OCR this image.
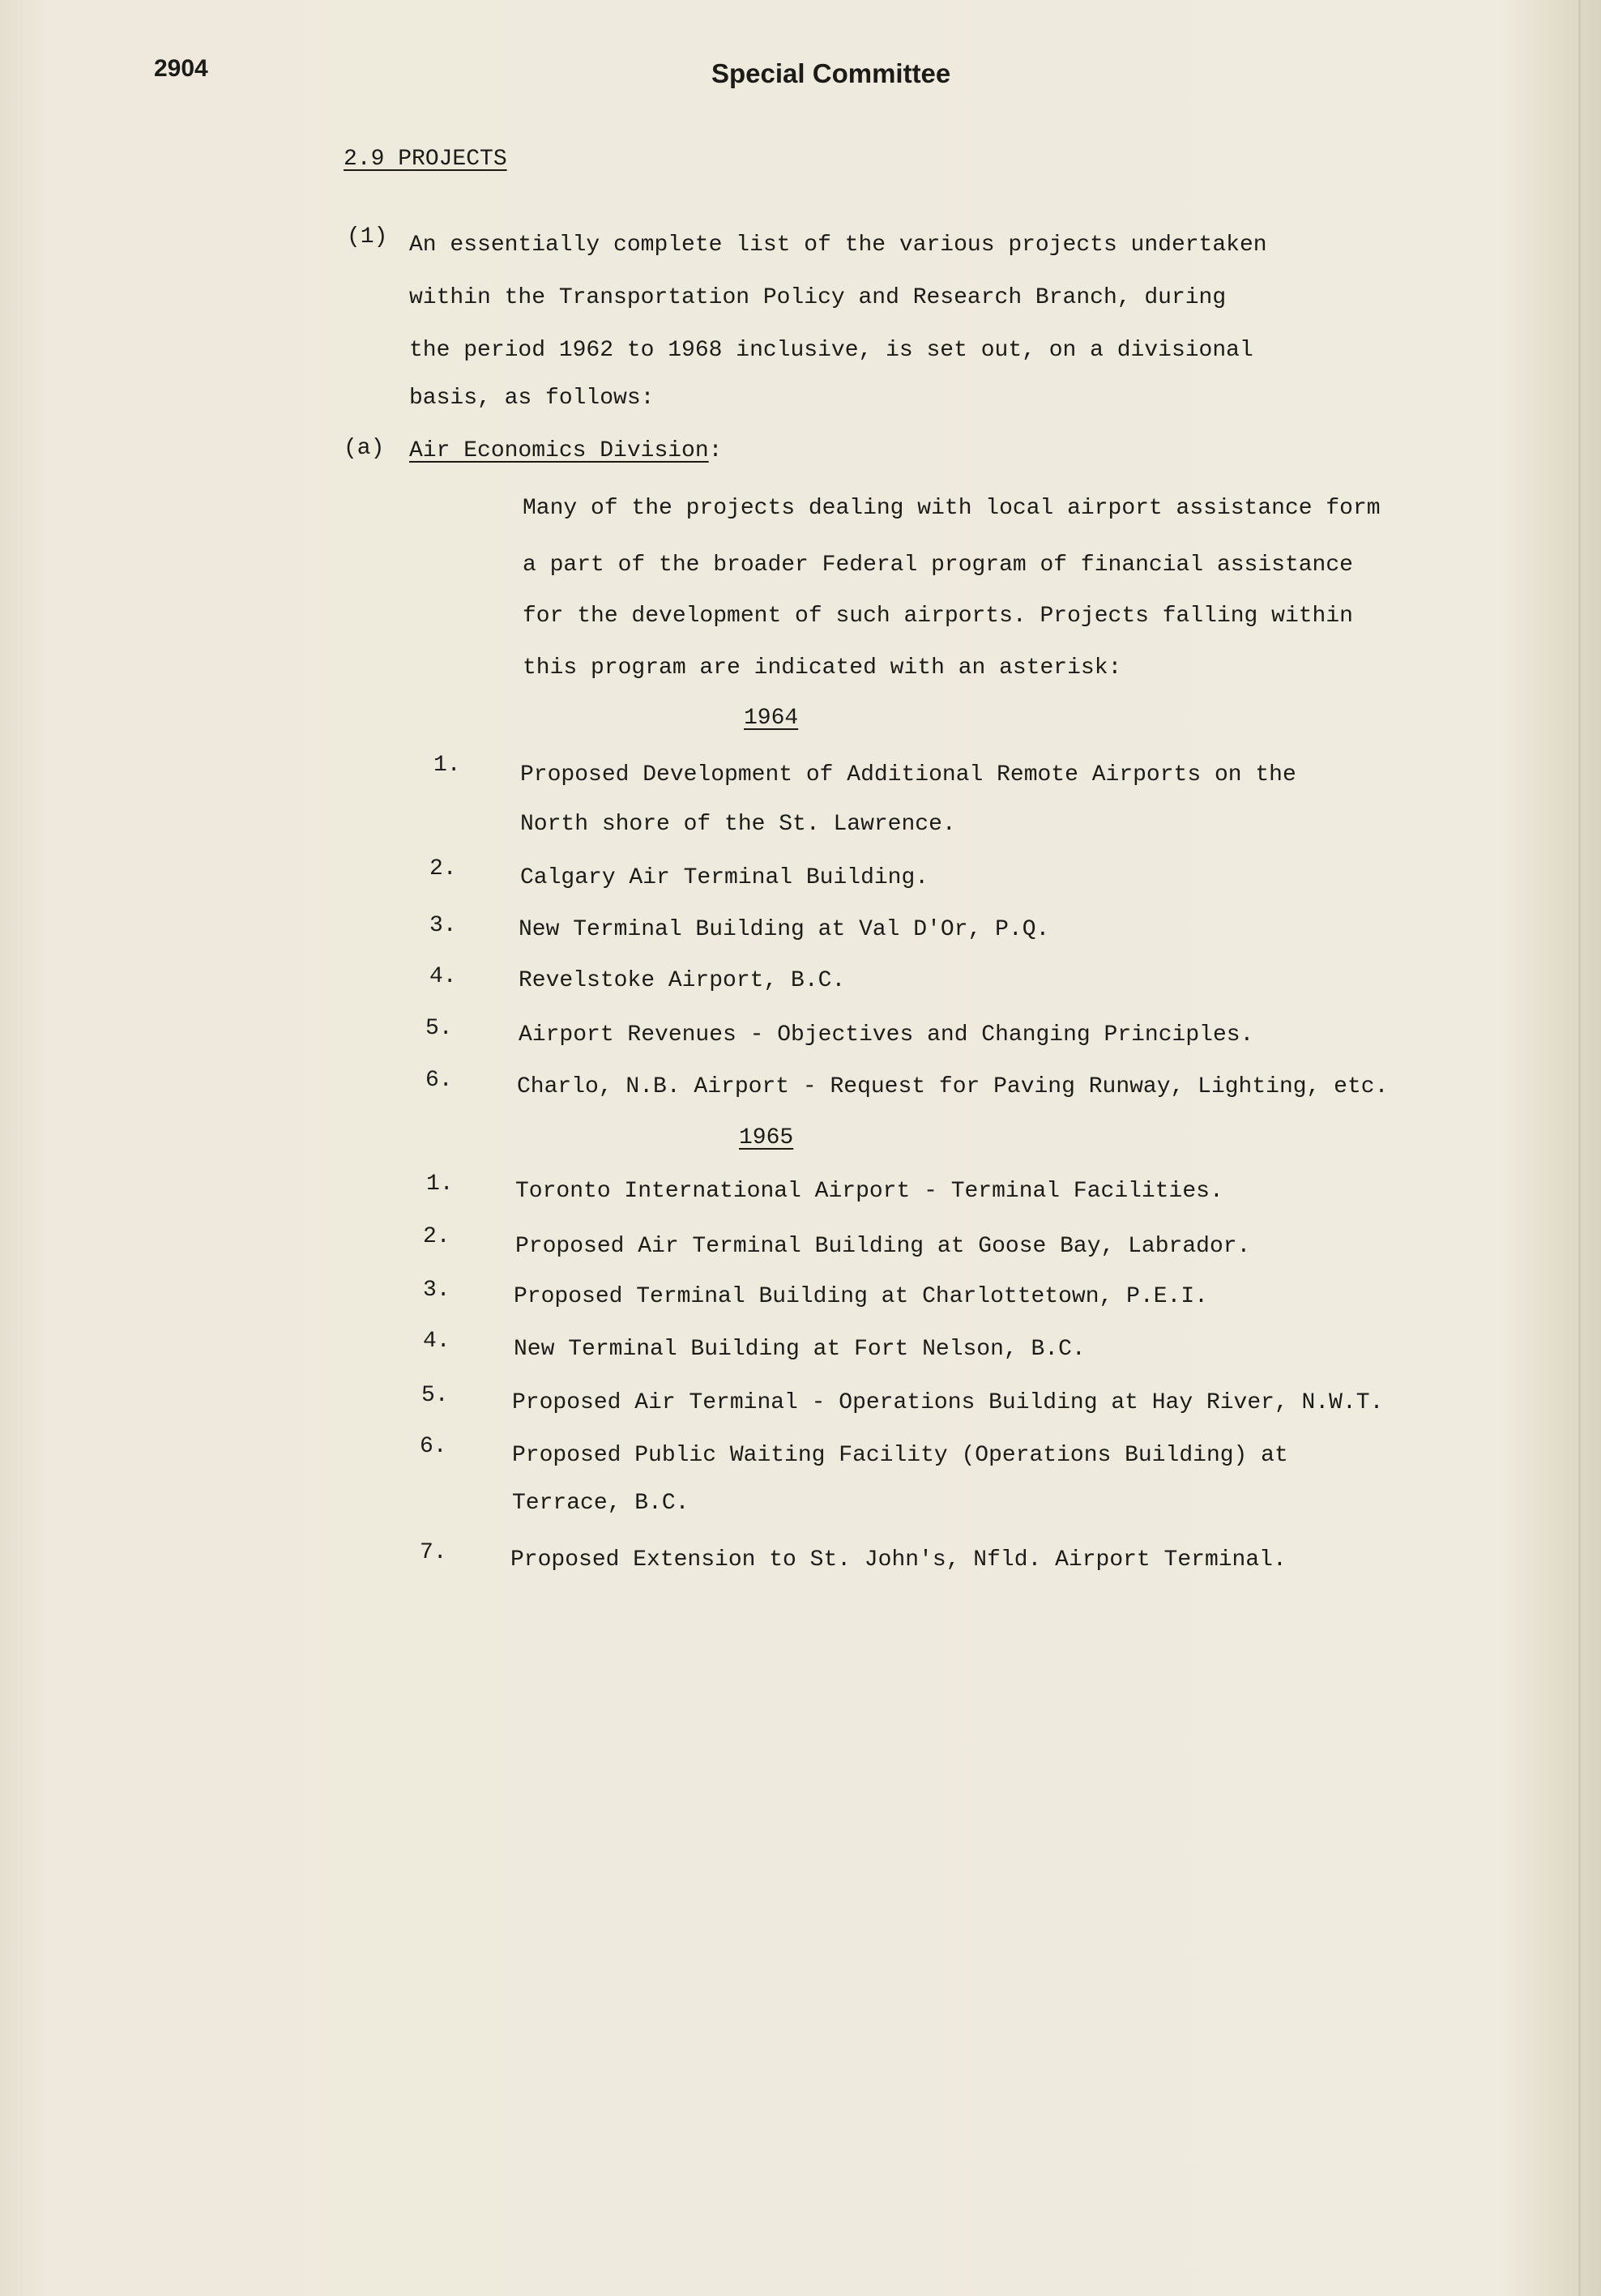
2904	Special Committee
2.9 PROJECTS
(1) An essentially complete list of the various projects undertaken
within the Transportation Policy and Research Branch, during
the period 1962 to 1968 inclusive, is set out, on a divisional
basis, as follows:
(a) Air Economics Division:
Many of the projects dealing with local airport assistance form
a part of the broader Federal program of financial assistance
for the development of such airports. Projects falling within
this program are indicated with an asterisk:
1964
1.	Proposed Development of Additional Remote Airports on the
North shore of the St. Lawrence.
2.	Calgary Air Terminal Building.
3.	New Terminal Building at Val D'Or, P.Q.
4.	Revelstoke Airport, B.C.
5.	Airport Revenues - Objectives and Changing Principles.
6.	Charlo, N.B. Airport - Request for Paving Runway, Lighting, etc.
1965
1.	Toronto International Airport - Terminal Facilities.
2.	Proposed Air Terminal Building at Goose Bay, Labrador.
3.	Proposed Terminal Building at Charlottetown, P.E.I.
4.	New Terminal Building at Fort Nelson, B.C.
5.	Proposed Air Terminal - Operations Building at Hay River, N.W.T.
6.	Proposed Public Waiting Facility (Operations Building) at
Terrace, B.C.
7.	Proposed Extension to St. John's, Nfld. Airport Terminal.
